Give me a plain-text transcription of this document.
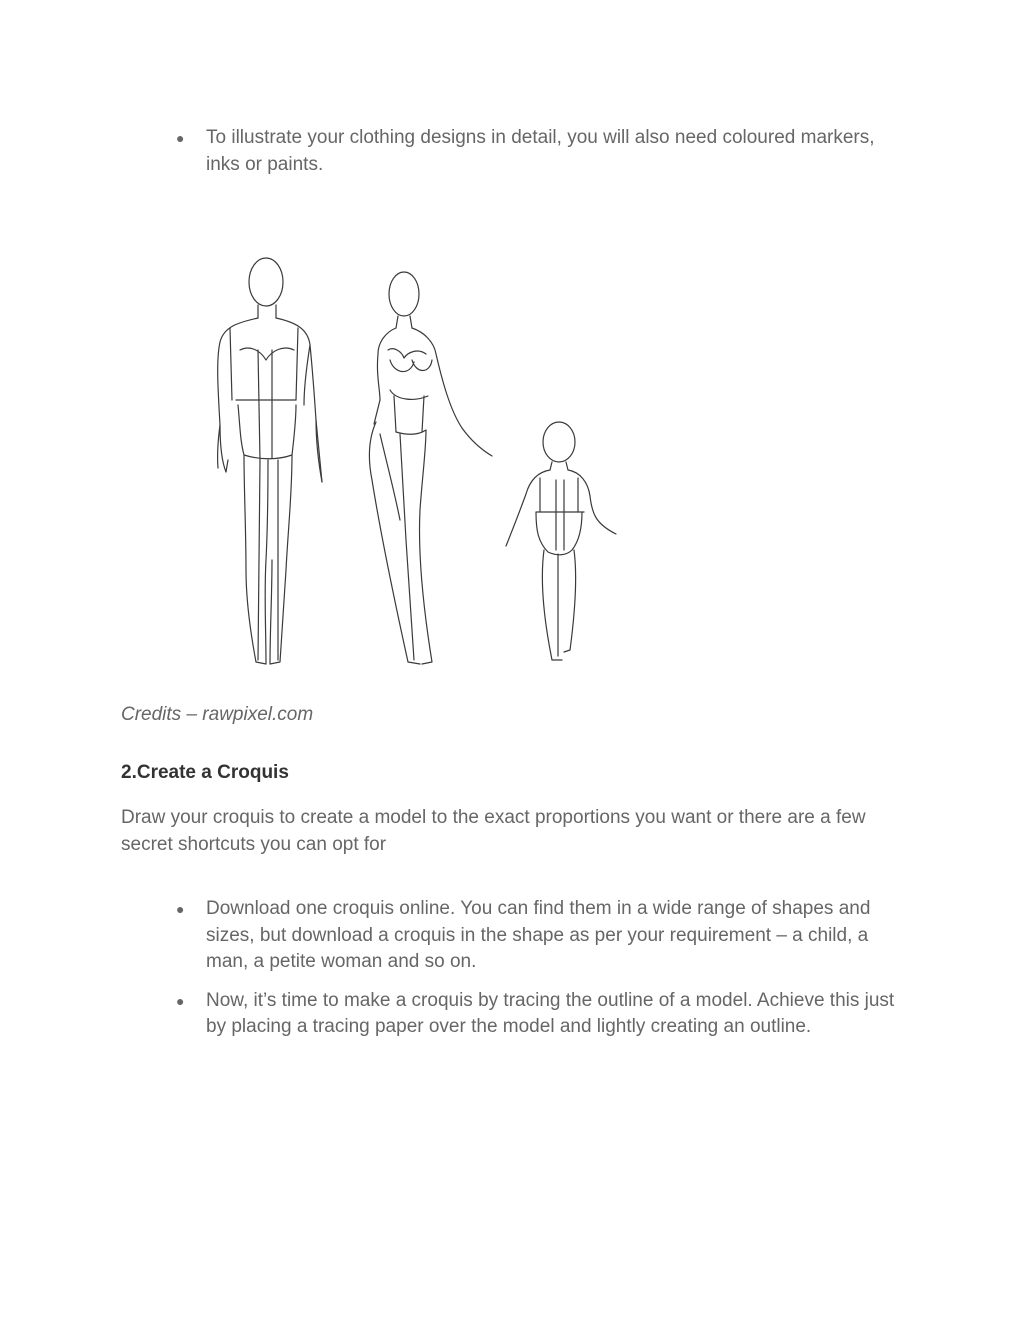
● To illustrate your clothing designs in detail, you will also need coloured markers, inks or paints.
Credits – rawpixel.com
2.Create a Croquis
Draw your croquis to create a model to the exact proportions you want or there are a few secret shortcuts you can opt for
● Download one croquis online. You can find them in a wide range of shapes and sizes, but download a croquis in the shape as per your requirement – a child, a man, a petite woman and so on.
● Now, it’s time to make a croquis by tracing the outline of a model. Achieve this just by placing a tracing paper over the model and lightly creating an outline.
